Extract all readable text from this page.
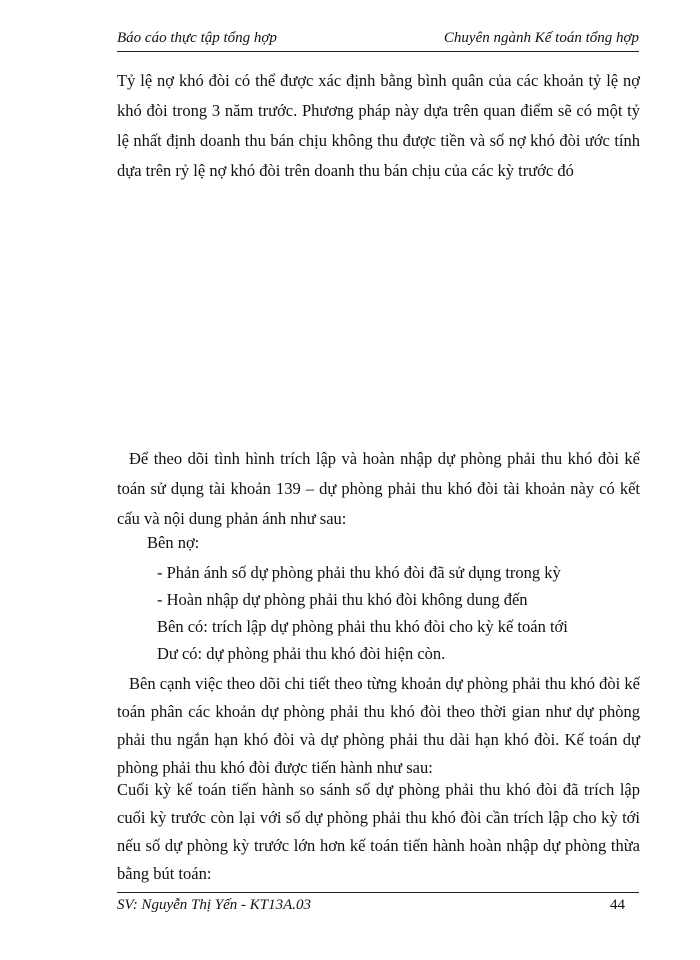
Báo cáo thực tập tổng hợp	Chuyên ngành Kế toán tổng hợp

Tỷ lệ nợ khó đòi có thể được xác định bằng bình quân của các khoản tỷ lệ nợ khó đòi trong 3 năm trước. Phương pháp này dựa trên quan điểm sẽ có một tỷ lệ nhất định doanh thu bán chịu không thu được tiền và số nợ khó đòi ước tính dựa trên rỷ lệ nợ khó đòi trên doanh thu bán chịu của các kỳ trước đó

Để theo dõi tình hình trích lập và hoàn nhập dự phòng phải thu khó đòi kế toán sử dụng tài khoản 139 – dự phòng phải thu khó đòi tài khoản này có kết cấu và nội dung phản ánh như sau:

Bên nợ:

- Phản ánh số dự phòng phải thu khó đòi đã sử dụng trong kỳ

- Hoàn nhập dự phòng phải thu khó đòi không dung đến

Bên có: trích lập dự phòng phải thu khó đòi cho kỳ kế toán tới

Dư có: dự phòng phải thu khó đòi hiện còn.

Bên cạnh việc theo dõi chi tiết theo từng khoản dự phòng phải thu khó đòi kế toán phân các khoản dự phòng phải thu khó đòi theo thời gian như dự phòng phải thu ngắn hạn khó đòi và dự phòng phải thu dài hạn khó đòi. Kế toán dự phòng phải thu khó đòi được tiến hành như sau:

Cuối kỳ kế toán tiến hành so sánh số dự phòng phải thu khó đòi đã trích lập cuối kỳ trước còn lại với số dự phòng phải thu khó đòi cần trích lập cho kỳ tới nếu số dự phòng kỳ trước lớn hơn kế toán tiến hành hoàn nhập dự phòng thừa bằng bút toán:

SV: Nguyễn Thị Yến - KT13A.03	44
